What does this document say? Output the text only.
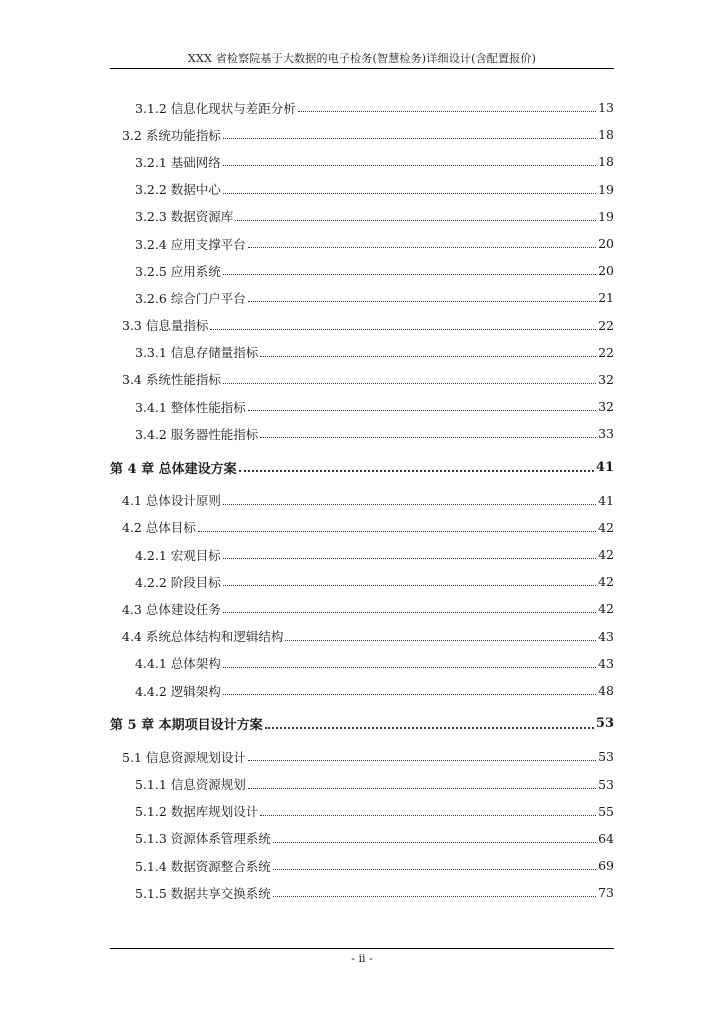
XXX 省检察院基于大数据的电子检务(智慧检务)详细设计(含配置报价)
3.1.2 信息化现状与差距分析	13
3.2 系统功能指标	18
3.2.1 基础网络	18
3.2.2 数据中心	19
3.2.3 数据资源库	19
3.2.4 应用支撑平台	20
3.2.5 应用系统	20
3.2.6 综合门户平台	21
3.3 信息量指标	22
3.3.1 信息存储量指标	22
3.4 系统性能指标	32
3.4.1 整体性能指标	32
3.4.2 服务器性能指标	33
第 4 章 总体建设方案	41
4.1 总体设计原则	41
4.2 总体目标	42
4.2.1 宏观目标	42
4.2.2 阶段目标	42
4.3 总体建设任务	42
4.4 系统总体结构和逻辑结构	43
4.4.1 总体架构	43
4.4.2 逻辑架构	48
第 5 章 本期项目设计方案	53
5.1 信息资源规划设计	53
5.1.1 信息资源规划	53
5.1.2 数据库规划设计	55
5.1.3 资源体系管理系统	64
5.1.4 数据资源整合系统	69
5.1.5 数据共享交换系统	73
- ii -
